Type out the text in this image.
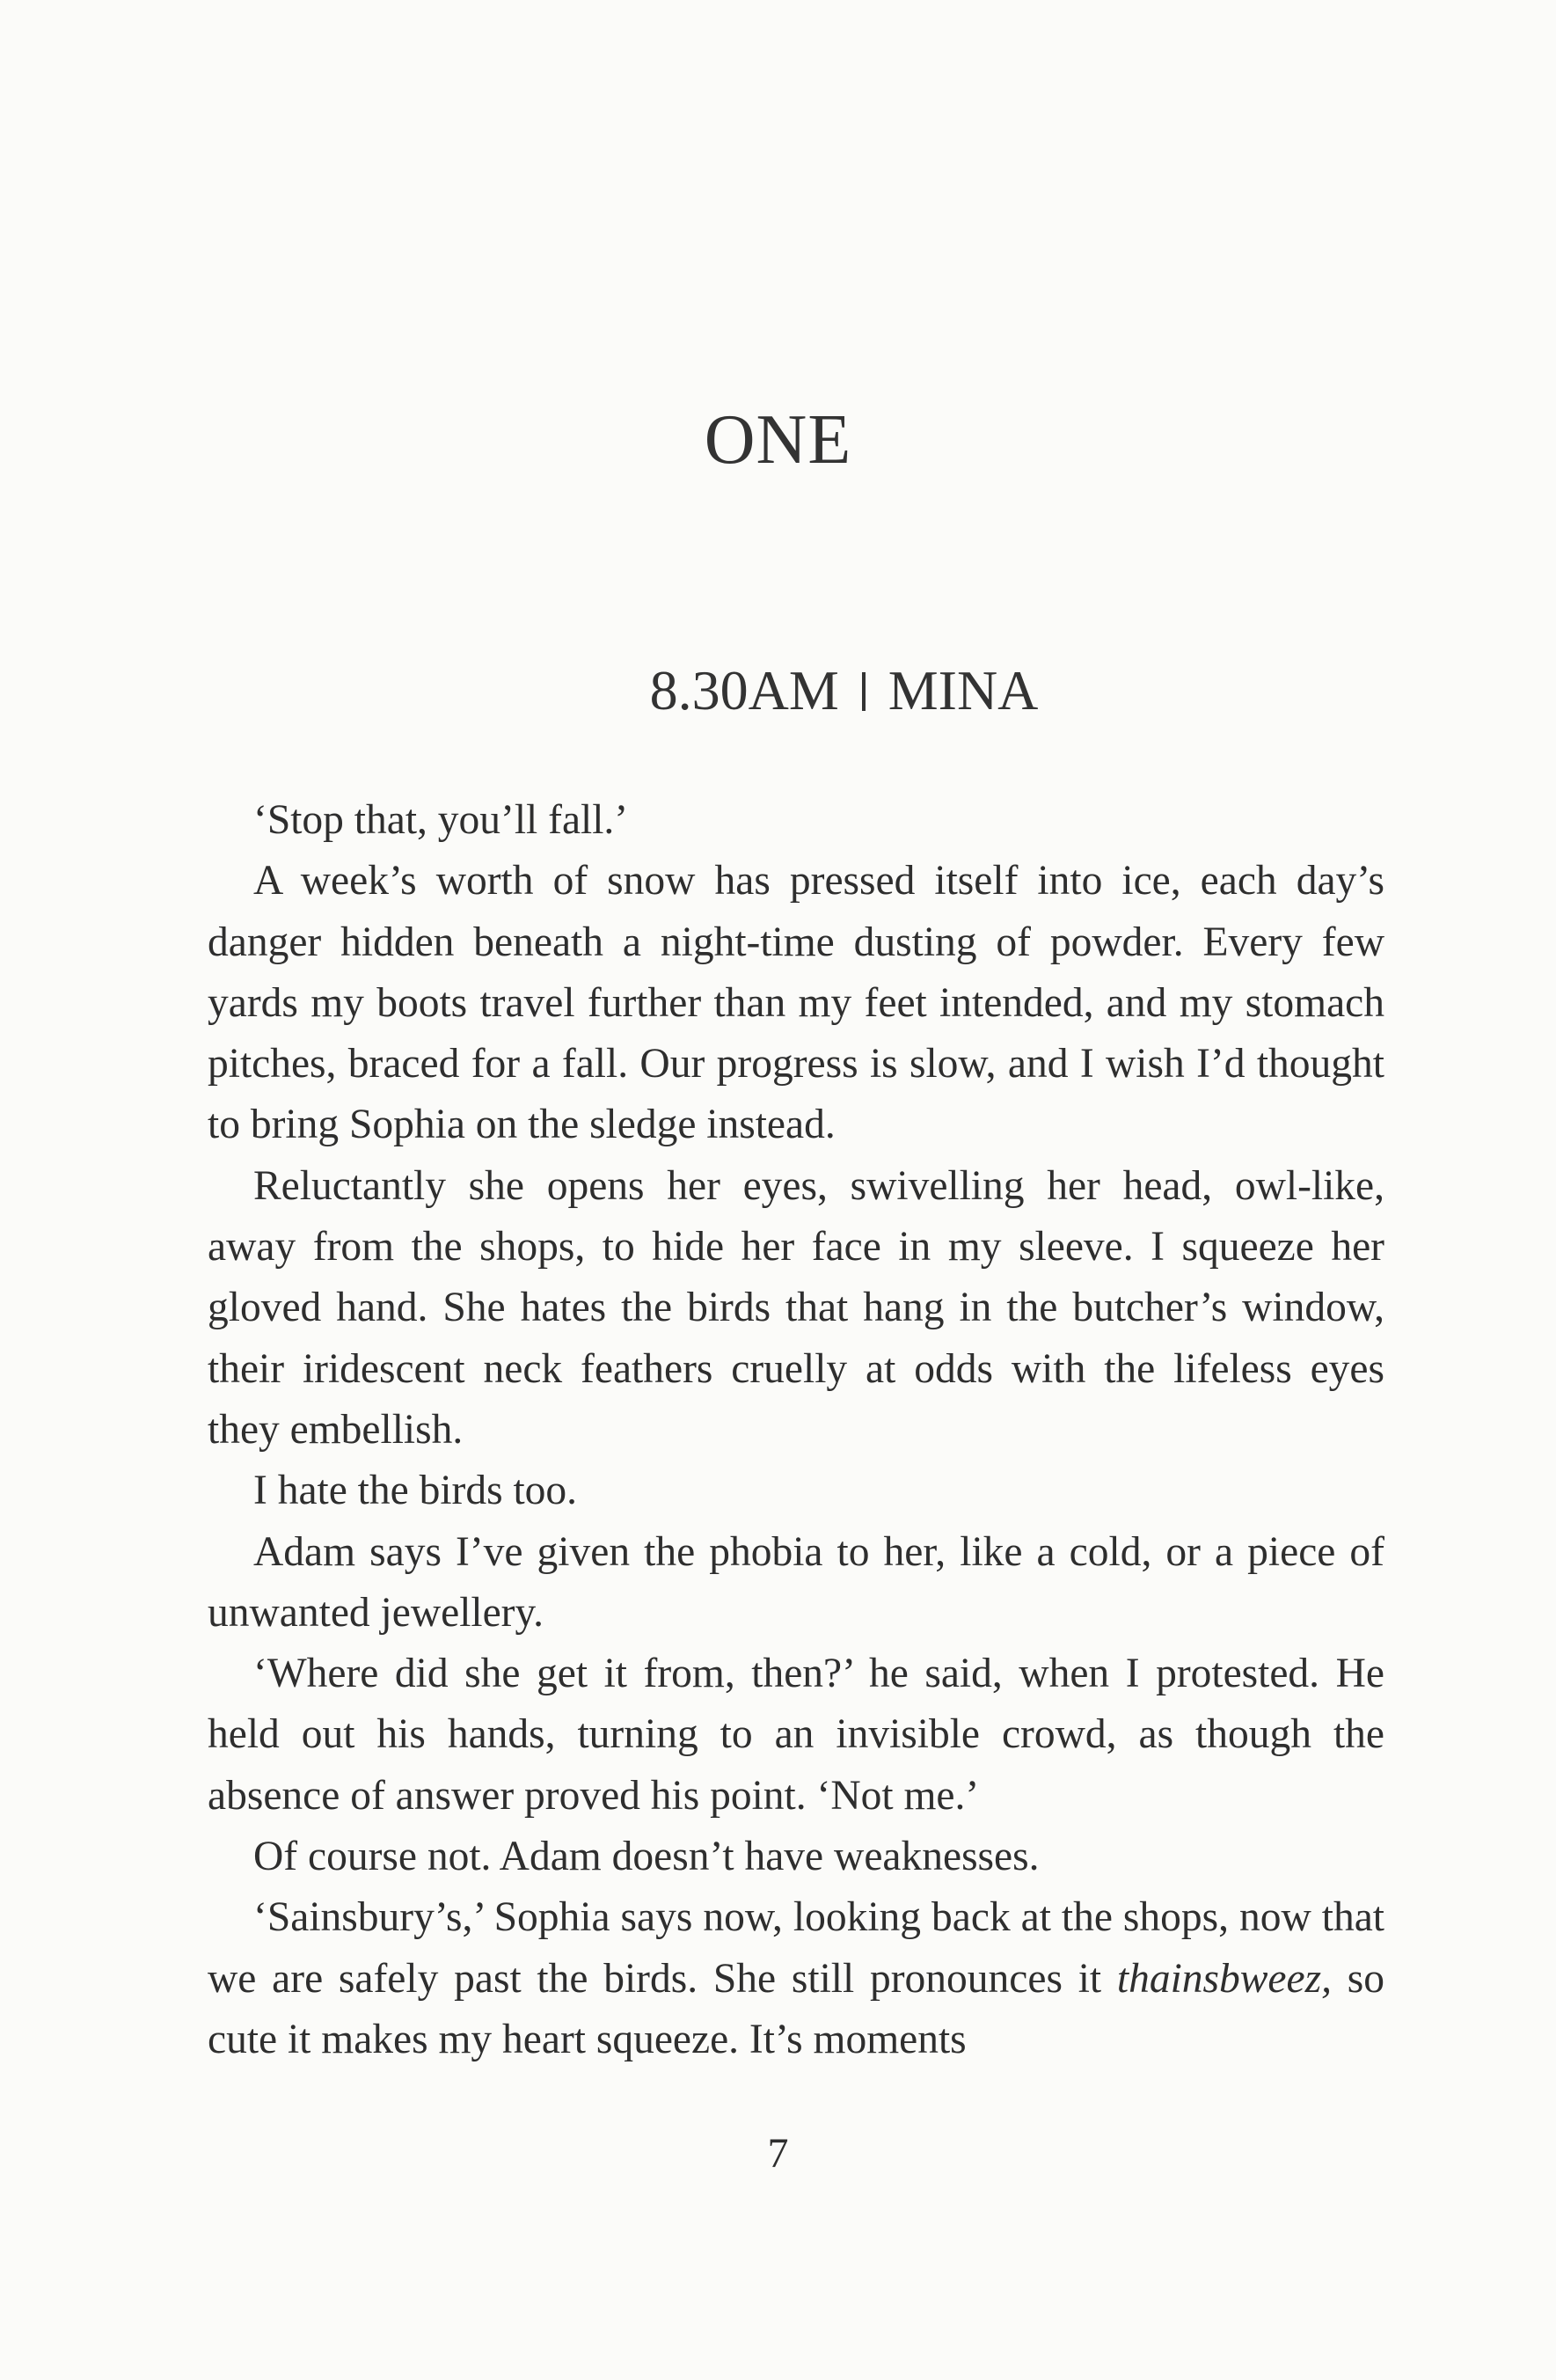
ONE
8.30AM MINA

‘Stop that, you’ll fall.’

A week’s worth of snow has pressed itself into ice, each day’s danger hidden beneath a night-time dusting of powder. Every few yards my boots travel further than my feet intended, and my stomach pitches, braced for a fall. Our progress is slow, and I wish I’d thought to bring Sophia on the sledge instead.

Reluctantly she opens her eyes, swivelling her head, owl-like, away from the shops, to hide her face in my sleeve. I squeeze her gloved hand. She hates the birds that hang in the butcher’s window, their iridescent neck feathers cruelly at odds with the lifeless eyes they embellish.

I hate the birds too.

Adam says I’ve given the phobia to her, like a cold, or a piece of unwanted jewellery.

‘Where did she get it from, then?’ he said, when I protested. He held out his hands, turning to an invisible crowd, as though the absence of answer proved his point. ‘Not me.’

Of course not. Adam doesn’t have weaknesses.

‘Sainsbury’s,’ Sophia says now, looking back at the shops, now that we are safely past the birds. She still pronounces it thainsbweez, so cute it makes my heart squeeze. It’s moments

7
